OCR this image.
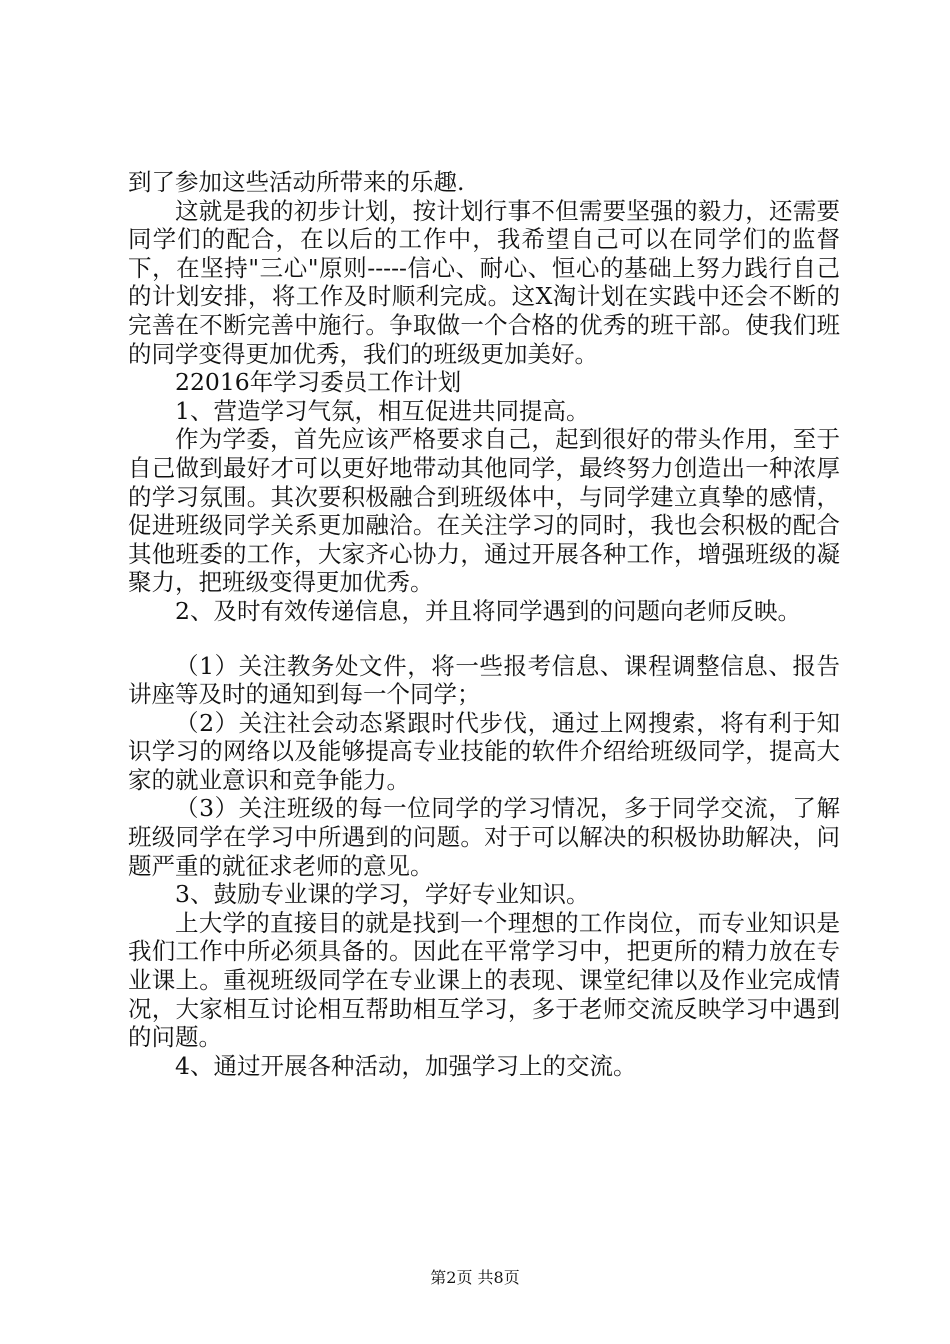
到了参加这些活动所带来的乐趣.

这就是我的初步计划，按计划行事不但需要坚强的毅力，还需要同学们的配合，在以后的工作中，我希望自己可以在同学们的监督下，在坚持"三心"原则-----信心、耐心、恒心的基础上努力践行自己的计划安排，将工作及时顺利完成。这X淘计划在实践中还会不断的完善在不断完善中施行。争取做一个合格的优秀的班干部。使我们班的同学变得更加优秀，我们的班级更加美好。

22016年学习委员工作计划

1、营造学习气氛，相互促进共同提高。

作为学委，首先应该严格要求自己，起到很好的带头作用，至于自己做到最好才可以更好地带动其他同学，最终努力创造出一种浓厚的学习氛围。其次要积极融合到班级体中，与同学建立真挚的感情，促进班级同学关系更加融洽。在关注学习的同时，我也会积极的配合其他班委的工作，大家齐心协力，通过开展各种工作，增强班级的凝聚力，把班级变得更加优秀。

2、及时有效传递信息，并且将同学遇到的问题向老师反映。

（1）关注教务处文件，将一些报考信息、课程调整信息、报告讲座等及时的通知到每一个同学；

（2）关注社会动态紧跟时代步伐，通过上网搜索，将有利于知识学习的网络以及能够提高专业技能的软件介绍给班级同学，提高大家的就业意识和竞争能力。

（3）关注班级的每一位同学的学习情况，多于同学交流，了解班级同学在学习中所遇到的问题。对于可以解决的积极协助解决，问题严重的就征求老师的意见。

3、鼓励专业课的学习，学好专业知识。

上大学的直接目的就是找到一个理想的工作岗位，而专业知识是我们工作中所必须具备的。因此在平常学习中，把更所的精力放在专业课上。重视班级同学在专业课上的表现、课堂纪律以及作业完成情况，大家相互讨论相互帮助相互学习，多于老师交流反映学习中遇到的问题。

4、通过开展各种活动，加强学习上的交流。

第2页 共8页
